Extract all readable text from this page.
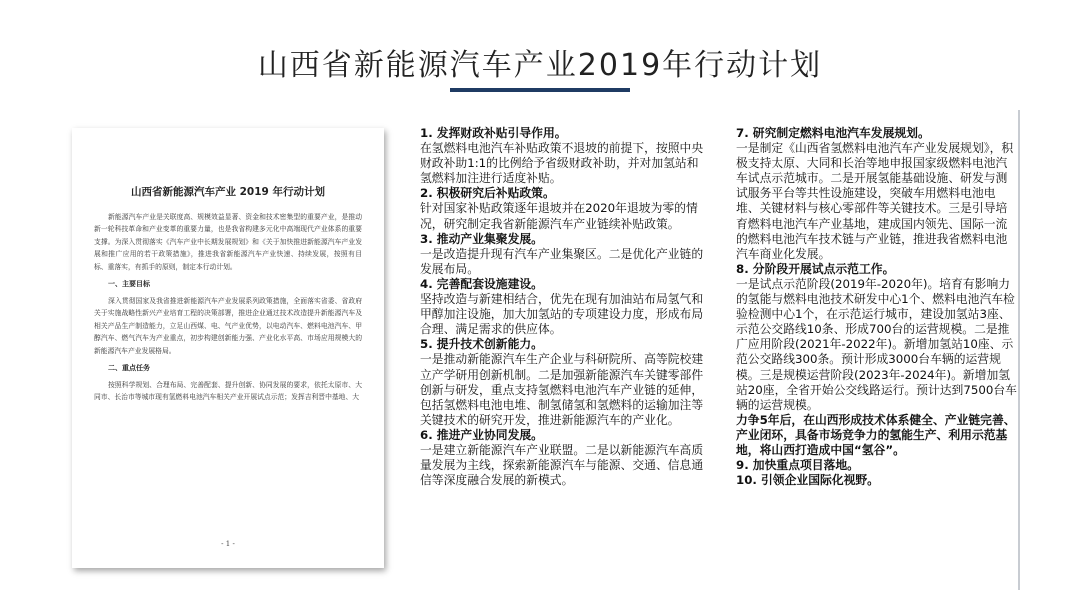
山西省新能源汽车产业2019年行动计划
山西省新能源汽车产业 2019 年行动计划

新能源汽车产业是关联度高、规模效益显著、资金和技术密集型的重要产业，是推动新一轮科技革命和产业变革的重要力量，也是我省构建多元化中高端现代产业体系的重要支撑。为深入贯彻落实《汽车产业中长期发展规划》和《关于加快推进新能源汽车产业发展和推广应用的若干政策措施》，推进我省新能源汽车产业快速、持续发展，按照有目标、重落实，有抓手的原则，制定本行动计划。

一、主要目标

深入贯彻国家及我省推进新能源汽车产业发展系列政策措施，全面落实省委、省政府关于实施战略性新兴产业培育工程的决策部署，推进企业通过技术改造提升新能源汽车及相关产品生产制造能力，立足山西煤、电、气产业优势，以电动汽车、燃料电池汽车、甲醇汽车、燃气汽车为产业重点，初步构建创新能力强、产业化水平高、市场应用规模大的新能源汽车产业发展格局。

二、重点任务

按照科学规划、合理布局、完善配套、提升创新、协同发展的要求，依托太原市、大同市、长治市等城市现有氢燃料电池汽车相关产业开展试点示范；发挥吉利晋中基地、大

- 1 -
1. 发挥财政补贴引导作用。
在氢燃料电池汽车补贴政策不退坡的前提下，按照中央财政补助1:1的比例给予省级财政补助，并对加氢站和氢燃料加注进行适度补贴。
2. 积极研究后补贴政策。
针对国家补贴政策逐年退坡并在2020年退坡为零的情况，研究制定我省新能源汽车产业链续补贴政策。
3. 推动产业集聚发展。
一是改造提升现有汽车产业集聚区。二是优化产业链的发展布局。
4. 完善配套设施建设。
坚持改造与新建相结合，优先在现有加油站布局氢气和甲醇加注设施，加大加氢站的专项建设力度，形成布局合理、满足需求的供应体。
5. 提升技术创新能力。
一是推动新能源汽车生产企业与科研院所、高等院校建立产学研用创新机制。二是加强新能源汽车关键零部件创新与研发，重点支持氢燃料电池汽车产业链的延伸，包括氢燃料电池电堆、制氢储氢和氢燃料的运输加注等关键技术的研究开发，推进新能源汽车的产业化。
6. 推进产业协同发展。
一是建立新能源汽车产业联盟。二是以新能源汽车高质量发展为主线，探索新能源汽车与能源、交通、信息通信等深度融合发展的新模式。
7. 研究制定燃料电池汽车发展规划。
一是制定《山西省氢燃料电池汽车产业发展规划》，积极支持太原、大同和长治等地申报国家级燃料电池汽车试点示范城市。二是开展氢能基础设施、研发与测试服务平台等共性设施建设，突破车用燃料电池电堆、关键材料与核心零部件等关键技术。三是引导培育燃料电池汽车产业基地，建成国内领先、国际一流的燃料电池汽车技术链与产业链，推进我省燃料电池汽车商业化发展。
8. 分阶段开展试点示范工作。
一是试点示范阶段(2019年-2020年)。培育有影响力的氢能与燃料电池技术研发中心1个、燃料电池汽车检验检测中心1个，在示范运行城市，建设加氢站3座、示范公交路线10条、形成700台的运营规模。二是推广应用阶段(2021年-2022年)。新增加氢站10座、示范公交路线300条。预计形成3000台车辆的运营规模。三是规模运营阶段(2023年-2024年)。新增加氢站20座，全省开始公交线路运行。预计达到7500台车辆的运营规模。
力争5年后，在山西形成技术体系健全、产业链完善、产业闭环，具备市场竞争力的氢能生产、利用示范基地，将山西打造成中国“氢谷”。
9. 加快重点项目落地。
10. 引领企业国际化视野。
